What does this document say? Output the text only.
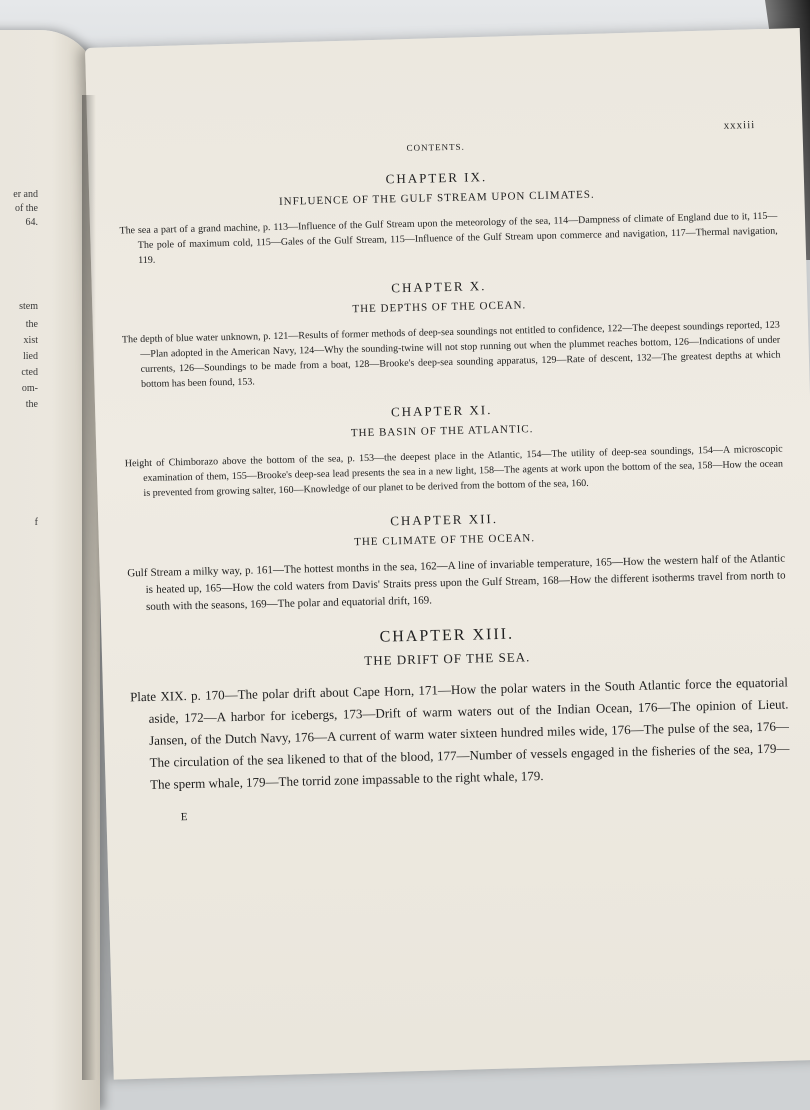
er and
of the
64.
stem
the
xist
lied
cted
om-
the
f
xxxiii
CONTENTS.
CHAPTER IX.
INFLUENCE OF THE GULF STREAM UPON CLIMATES.

The sea a part of a grand machine, p. 113—Influence of the Gulf Stream upon the meteorology of the sea, 114—Dampness of climate of England due to it, 115—The pole of maximum cold, 115—Gales of the Gulf Stream, 115—Influence of the Gulf Stream upon commerce and navigation, 117—Thermal navigation, 119.

CHAPTER X.
THE DEPTHS OF THE OCEAN.

The depth of blue water unknown, p. 121—Results of former methods of deep-sea soundings not entitled to confidence, 122—The deepest soundings reported, 123—Plan adopted in the American Navy, 124—Why the sounding-twine will not stop running out when the plummet reaches bottom, 126—Indications of under currents, 126—Soundings to be made from a boat, 128—Brooke's deep-sea sounding apparatus, 129—Rate of descent, 132—The greatest depths at which bottom has been found, 153.

CHAPTER XI.
THE BASIN OF THE ATLANTIC.

Height of Chimborazo above the bottom of the sea, p. 153—the deepest place in the Atlantic, 154—The utility of deep-sea soundings, 154—A microscopic examination of them, 155—Brooke's deep-sea lead presents the sea in a new light, 158—The agents at work upon the bottom of the sea, 158—How the ocean is prevented from growing salter, 160—Knowledge of our planet to be derived from the bottom of the sea, 160.

CHAPTER XII.
THE CLIMATE OF THE OCEAN.

Gulf Stream a milky way, p. 161—The hottest months in the sea, 162—A line of invariable temperature, 165—How the western half of the Atlantic is heated up, 165—How the cold waters from Davis' Straits press upon the Gulf Stream, 168—How the different isotherms travel from north to south with the seasons, 169—The polar and equatorial drift, 169.

CHAPTER XIII.
THE DRIFT OF THE SEA.

Plate XIX. p. 170—The polar drift about Cape Horn, 171—How the polar waters in the South Atlantic force the equatorial aside, 172—A harbor for icebergs, 173—Drift of warm waters out of the Indian Ocean, 176—The opinion of Lieut. Jansen, of the Dutch Navy, 176—A current of warm water sixteen hundred miles wide, 176—The pulse of the sea, 176—The circulation of the sea likened to that of the blood, 177—Number of vessels engaged in the fisheries of the sea, 179—The sperm whale, 179—The torrid zone impassable to the right whale, 179.

E
